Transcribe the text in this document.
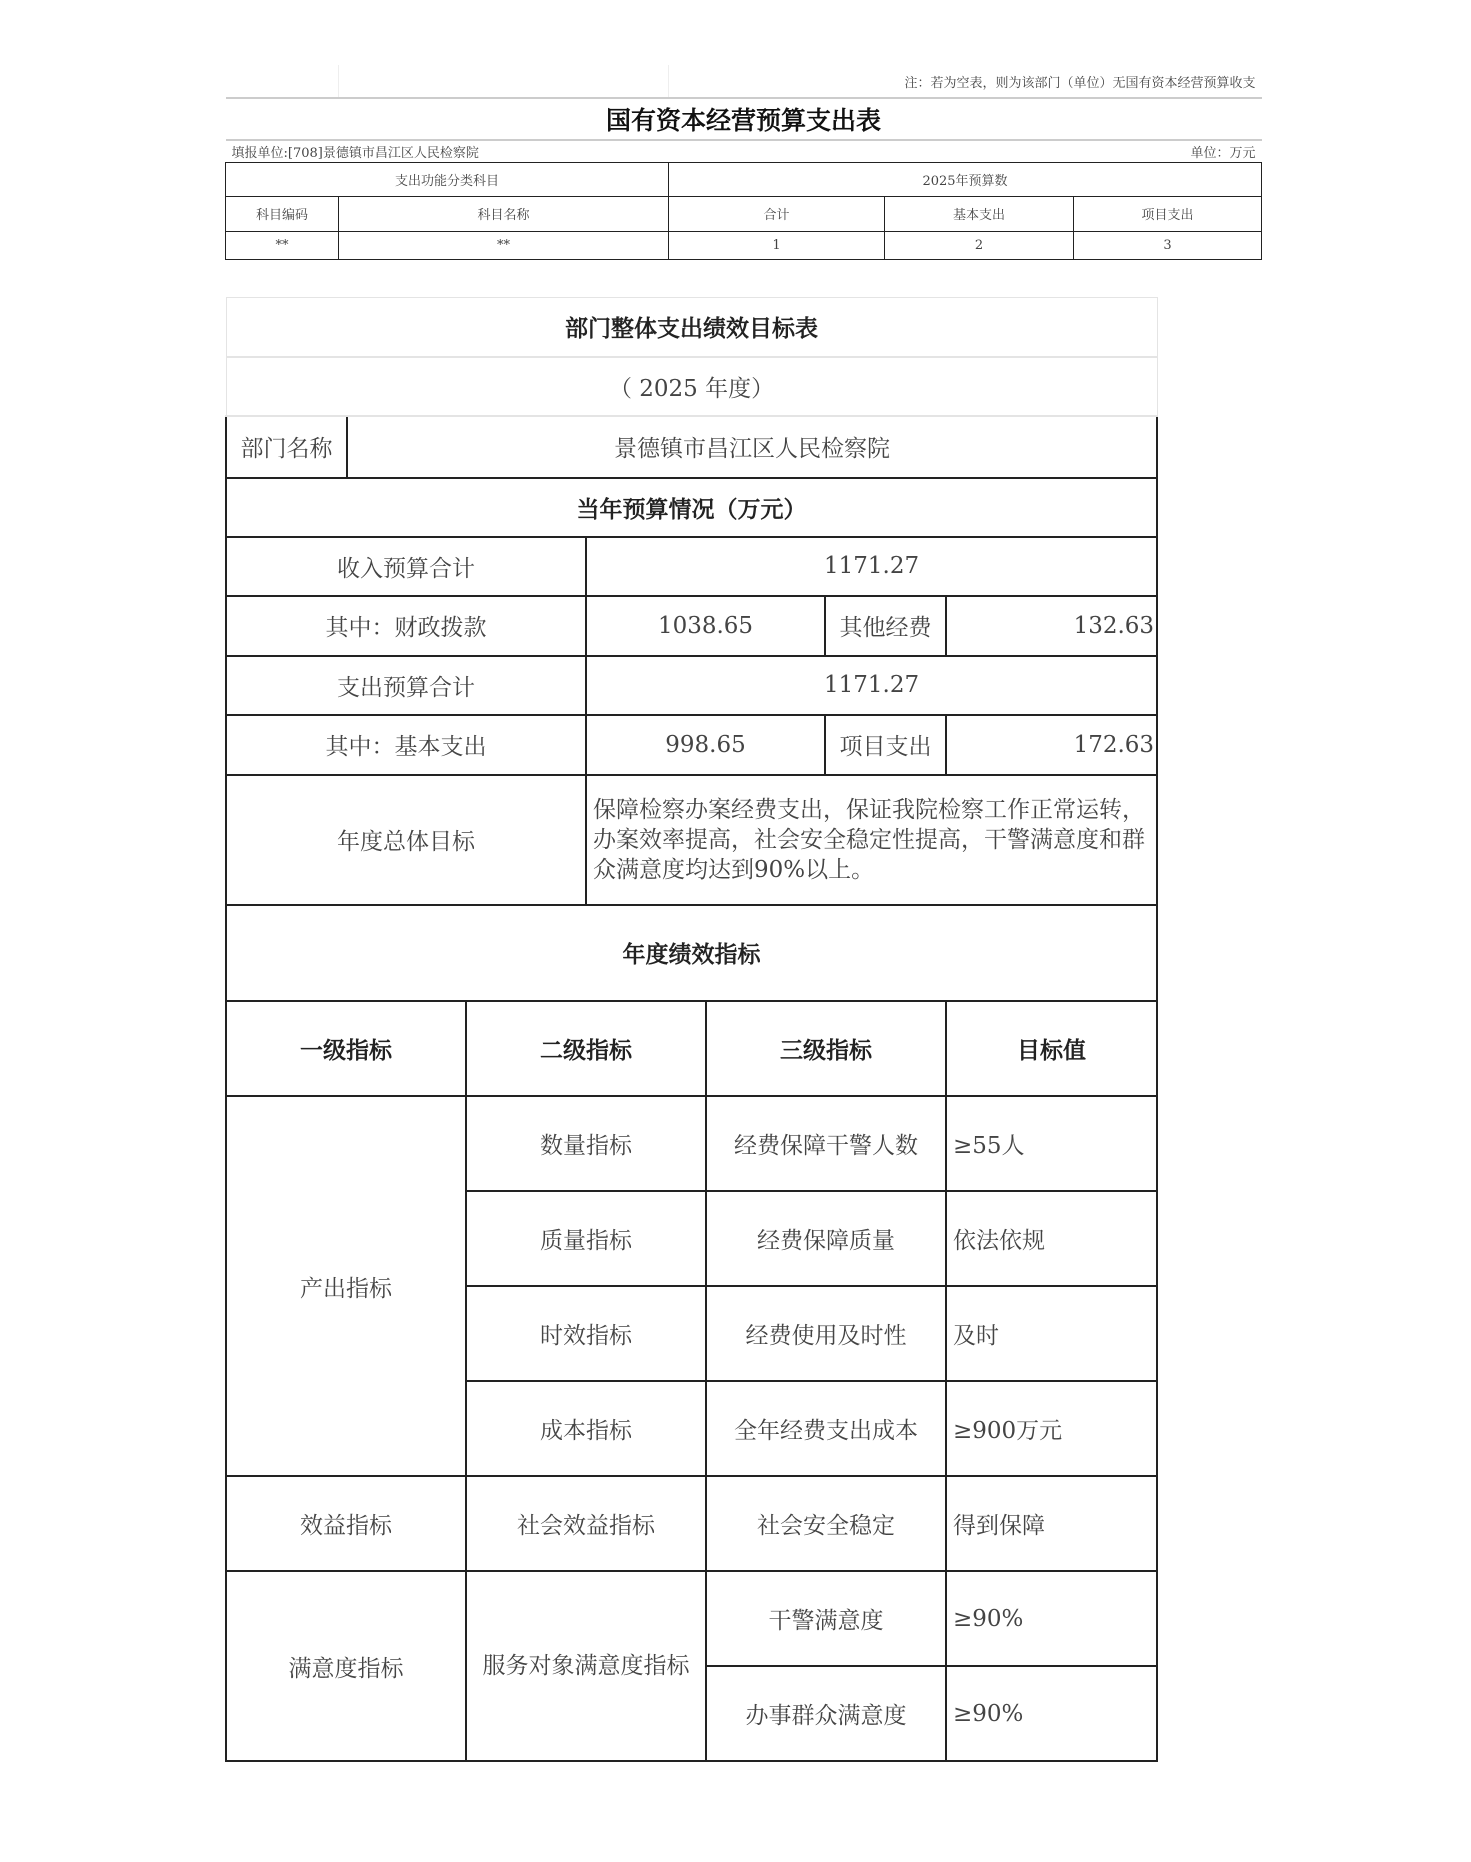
		注：若为空表，则为该部门（单位）无国有资本经营预算收支		
国有资本经营预算支出表				
填报单位:[708]景德镇市昌江区人民检察院				单位：万元
支出功能分类科目		2025年预算数		
科目编码	科目名称	合计	基本支出	项目支出
**	**	1	2	3
部门整体支出绩效目标表				
（ 2025 年度）				
部门名称	景德镇市昌江区人民检察院			
当年预算情况（万元）				
收入预算合计		1171.27		
其中：财政拨款		1038.65	其他经费	132.63
支出预算合计		1171.27		
其中：基本支出		998.65	项目支出	172.63
年度总体目标		保障检察办案经费支出，保证我院检察工作正常运转，办案效率提高，社会安全稳定性提高，干警满意度和群众满意度均达到90%以上。		
年度绩效指标				
一级指标	二级指标	三级指标	目标值
产出指标	数量指标	经费保障干警人数	≥55人
	质量指标	经费保障质量	依法依规
	时效指标	经费使用及时性	及时
	成本指标	全年经费支出成本	≥900万元
效益指标	社会效益指标	社会安全稳定	得到保障
满意度指标	服务对象满意度指标	干警满意度	≥90%
		办事群众满意度	≥90%
